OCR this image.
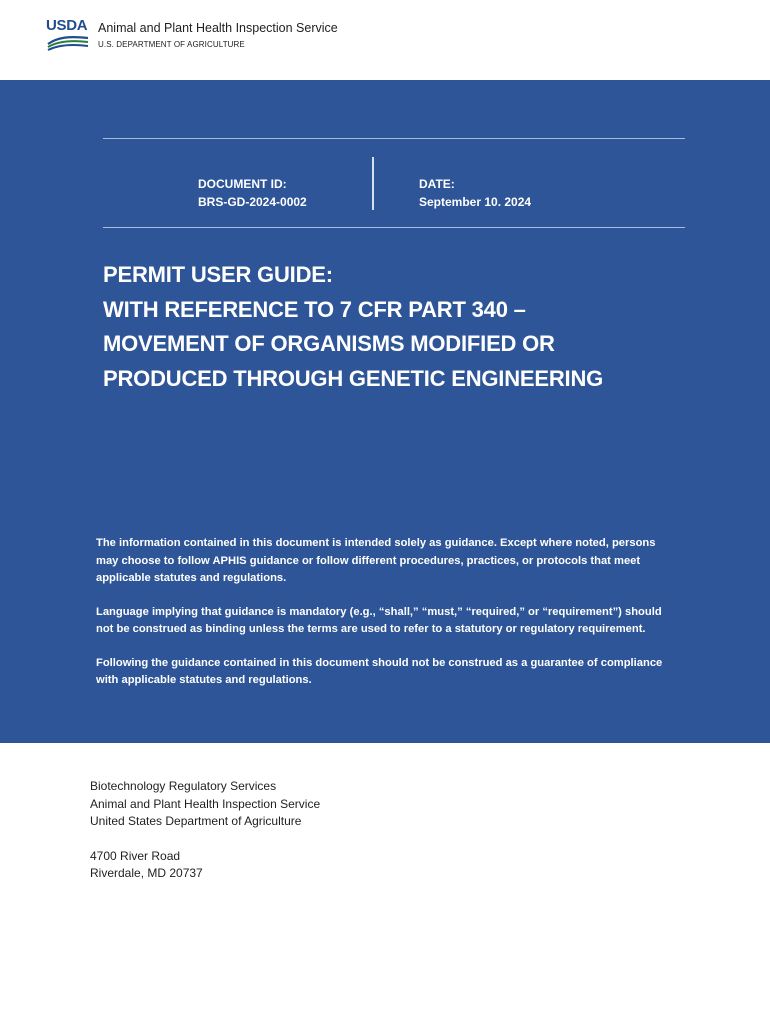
USDA Animal and Plant Health Inspection Service
U.S. DEPARTMENT OF AGRICULTURE
DOCUMENT ID:
BRS-GD-2024-0002
DATE:
September 10. 2024
PERMIT USER GUIDE:
WITH REFERENCE TO 7 CFR PART 340 –
MOVEMENT OF ORGANISMS MODIFIED OR
PRODUCED THROUGH GENETIC ENGINEERING

The information contained in this document is intended solely as guidance. Except where noted, persons may choose to follow APHIS guidance or follow different procedures, practices, or protocols that meet applicable statutes and regulations.

Language implying that guidance is mandatory (e.g., “shall,” “must,” “required,” or “requirement”) should not be construed as binding unless the terms are used to refer to a statutory or regulatory requirement.

Following the guidance contained in this document should not be construed as a guarantee of compliance with applicable statutes and regulations.

Biotechnology Regulatory Services
Animal and Plant Health Inspection Service
United States Department of Agriculture
4700 River Road
Riverdale, MD 20737
